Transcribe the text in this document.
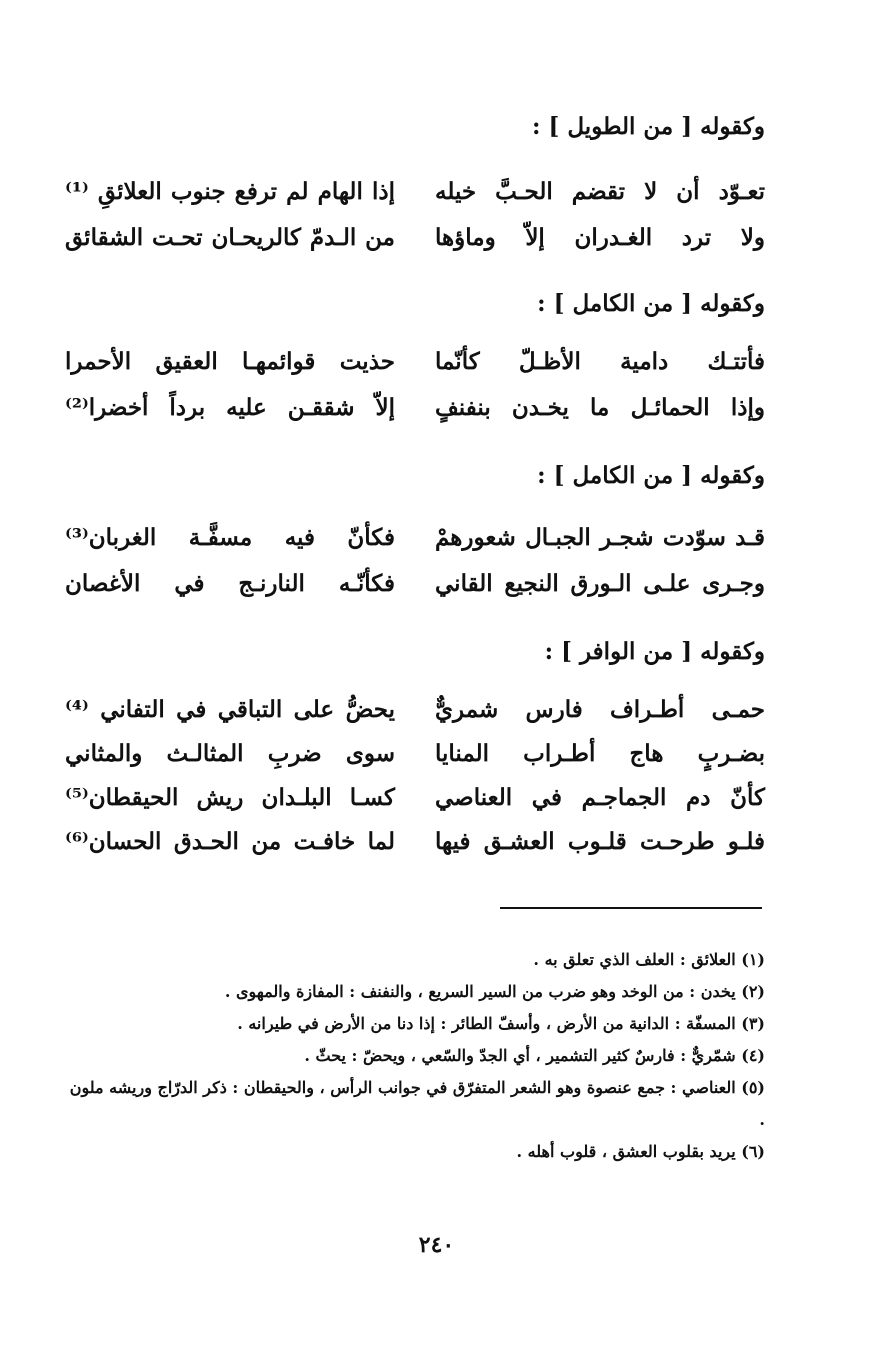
وكقوله [ من الطويل ] :
تعـوّد أن لا تقضم الحـبَّ خيله
إذا الهام لم ترفع جنوب العلائقِ ⁽¹⁾
ولا ترد الغـدران إلاّ وماؤها
من الـدمّ كالريحـان تحـت الشقائق
وكقوله [ من الكامل ] :
فأتتـك دامية الأظـلّ كأنّما
حذيت قوائمهـا العقيق الأحمرا
وإذا الحمائـل ما يخـدن بنفنفٍ
إلاّ شققـن عليه برداً أخضرا⁽²⁾
وكقوله [ من الكامل ] :
قـد سوّدت شجـر الجبـال شعورهمْ
فكأنّ فيه مسفَّـة الغربان⁽³⁾
وجـرى علـى الـورق النجيع القاني
فكأنّـه النارنـج في الأغصان
وكقوله [ من الوافر ] :
حمـى أطـراف فارس شمريٌّ
يحضُّ على التباقي في التفاني ⁽⁴⁾
بضـربٍ هاج أطـراب المنايا
سوى ضربِ المثالـث والمثاني
كأنّ دم الجماجـم في العناصي
كسـا البلـدان ريش الحيقطان⁽⁵⁾
فلـو طرحـت قلـوب العشـق فيها
لما خافـت من الحـدق الحسان⁽⁶⁾
(١) العلائق : العلف الذي تعلق به .
(٢) يخدن : من الوخد وهو ضرب من السير السريع ، والنفنف : المفازة والمهوى .
(٣) المسفّة : الدانية من الأرض ، وأسفّ الطائر : إذا دنا من الأرض في طيرانه .
(٤) شمّريٌّ : فارسٌ كثير التشمير ، أي الجدّ والسّعي ، ويحضّ : يحثّ .
(٥) العناصي : جمع عنصوة وهو الشعر المتفرّق في جوانب الرأس ، والحيقطان : ذكر الدرّاج وريشه ملون .
(٦) يريد بقلوب العشق ، قلوب أهله .
٢٤٠
